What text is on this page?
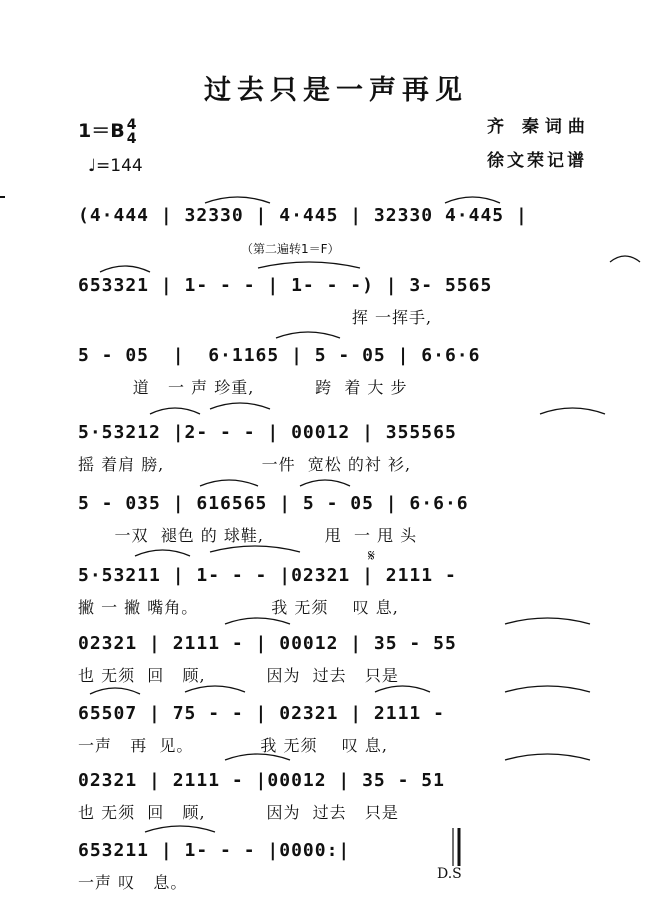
过去只是一声再见
1＝B 4
4
♩=144
齐 秦词曲
徐文荣记谱
（第二遍转1＝F）
𝄋
(4·444 | 32330 | 4·445 | 32330 4·445 |
653321 | 1- - - | 1- - -) | 3- 5565
挥 一挥手,
5 - 05  |  6·1165 | 5 - 05 | 6·6·6
道   一 声 珍重,          跨  着 大 步
5·53212 |2- - - | 00012 | 355565
摇 着肩 膀,                一件  宽松 的衬 衫,
5 - 035 | 616565 | 5 - 05 | 6·6·6
一双  褪色 的 球鞋,          甩  一 甩 头
5·53211 | 1- - - |02321 | 2111 -
撇 一 撇 嘴角。            我 无须    叹 息,
02321 | 2111 - | 00012 | 35 - 55
也 无须  回   顾,          因为  过去   只是
65507 | 75 - - | 02321 | 2111 -
一声   再  见。           我 无须    叹 息,
02321 | 2111 - |00012 | 35 - 51
也 无须  回   顾,          因为  过去   只是
653211 | 1- - - |0000:|
一声 叹   息。	D.S
